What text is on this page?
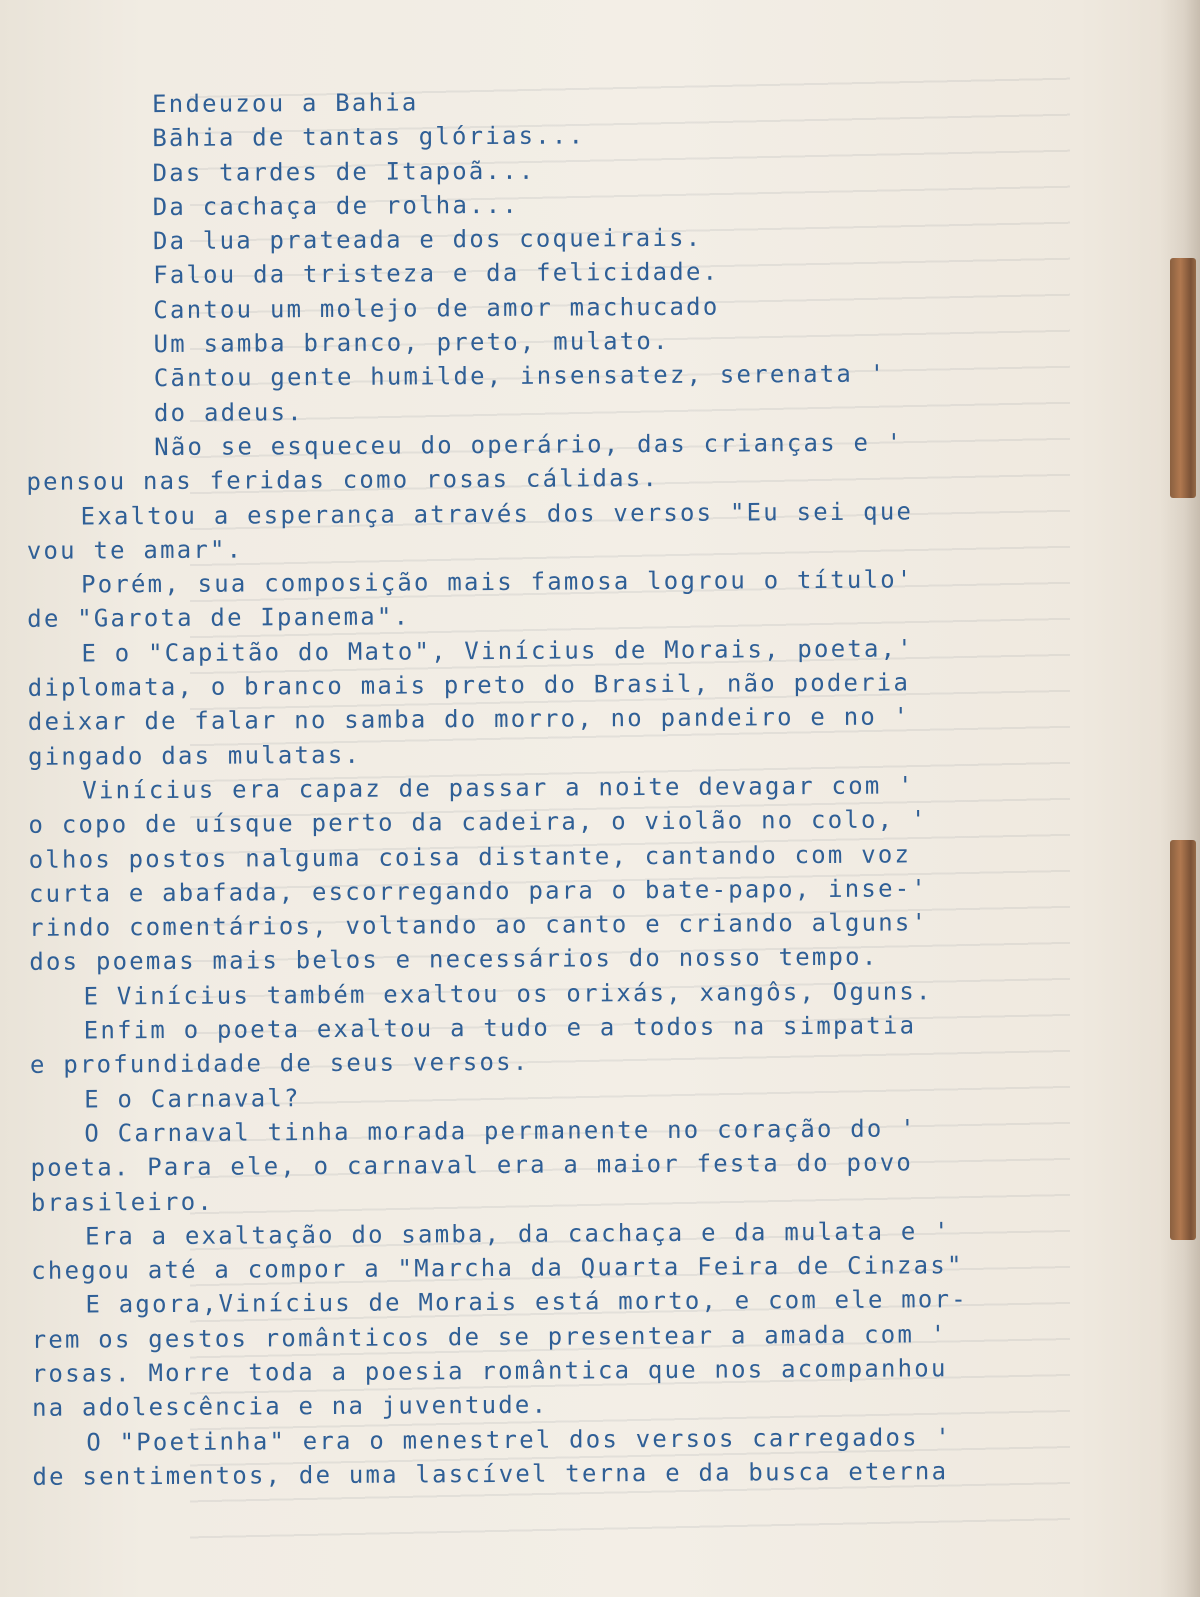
Endeuzou a Bahia
Bāhia de tantas glórias...
Das tardes de Itapoã...
Da cachaça de rolha...
Da lua prateada e dos coqueirais.
Falou da tristeza e da felicidade.
Cantou um molejo de amor machucado
Um samba branco, preto, mulato.
Cāntou gente humilde, insensatez, serenata '
do adeus.
Não se esqueceu do operário, das crianças e '
pensou nas feridas como rosas cálidas.
Exaltou a esperança através dos versos "Eu sei que
vou te amar".
Porém, sua composição mais famosa logrou o título'
de "Garota de Ipanema".
E o "Capitão do Mato", Vinícius de Morais, poeta,'
diplomata, o branco mais preto do Brasil, não poderia
deixar de falar no samba do morro, no pandeiro e no '
gingado das mulatas.
Vinícius era capaz de passar a noite devagar com '
o copo de uísque perto da cadeira, o violão no colo, '
olhos postos nalguma coisa distante, cantando com voz
curta e abafada, escorregando para o bate-papo, inse-'
rindo comentários, voltando ao canto e criando alguns'
dos poemas mais belos e necessários do nosso tempo.
E Vinícius também exaltou os orixás, xangôs, Oguns.
Enfim o poeta exaltou a tudo e a todos na simpatia
e profundidade de seus versos.
E o Carnaval?
O Carnaval tinha morada permanente no coração do '
poeta. Para ele, o carnaval era a maior festa do povo
brasileiro.
Era a exaltação do samba, da cachaça e da mulata e '
chegou até a compor a "Marcha da Quarta Feira de Cinzas"
E agora,Vinícius de Morais está morto, e com ele mor-
rem os gestos românticos de se presentear a amada com '
rosas. Morre toda a poesia romântica que nos acompanhou
na adolescência e na juventude.
O "Poetinha" era o menestrel dos versos carregados '
de sentimentos, de uma lascível terna e da busca eterna
